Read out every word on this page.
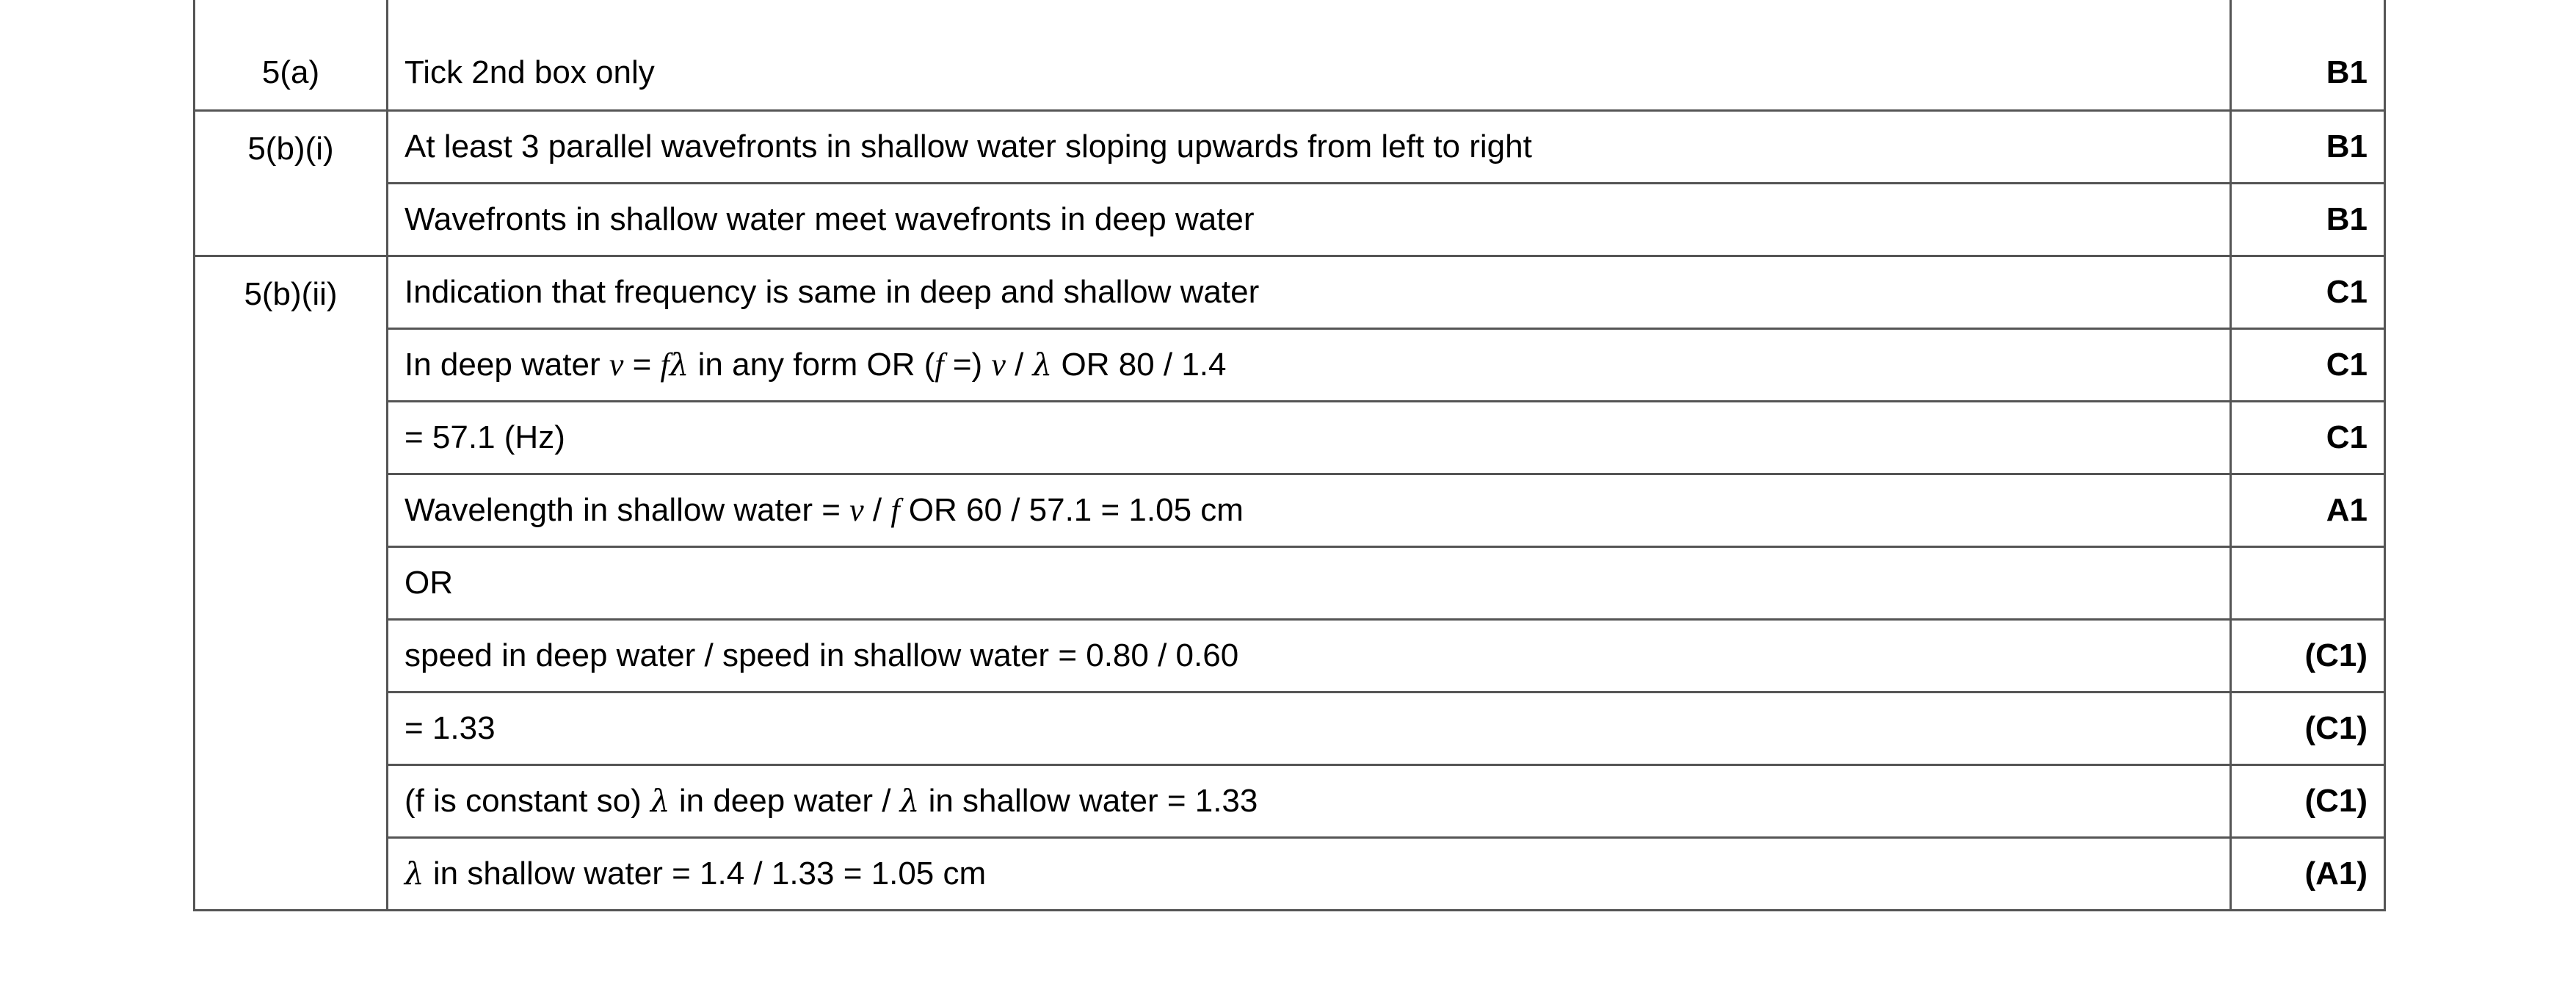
5(a)	Tick 2nd box only	B1
5(b)(i)	At least 3 parallel wavefronts in shallow water sloping upwards from left to right	B1
	Wavefronts in shallow water meet wavefronts in deep water	B1
5(b)(ii)	Indication that frequency is same in deep and shallow water	C1
	In deep water v = fλ in any form OR (f =) v / λ OR 80 / 1.4	C1
	= 57.1 (Hz)	C1
	Wavelength in shallow water = v / f OR 60 / 57.1 = 1.05 cm	A1
	OR	
	speed in deep water / speed in shallow water = 0.80 / 0.60	(C1)
	= 1.33	(C1)
	(f is constant so) λ in deep water / λ in shallow water = 1.33	(C1)
	λ in shallow water = 1.4 / 1.33 = 1.05 cm	(A1)
